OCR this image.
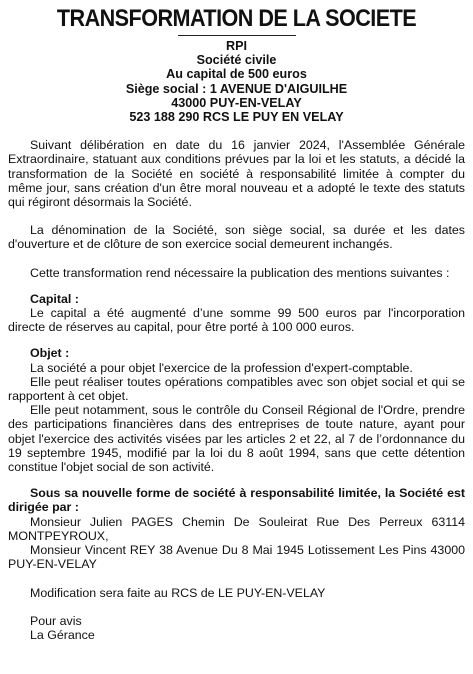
TRANSFORMATION DE LA SOCIETE
RPI
Société civile
Au capital de 500 euros
Siège social : 1 AVENUE D'AIGUILHE
43000 PUY-EN-VELAY
523 188 290 RCS LE PUY EN VELAY

Suivant délibération en date du 16 janvier 2024, l'Assemblée Générale Extraordinaire, statuant aux conditions prévues par la loi et les statuts, a décidé la transformation de la Société en société à responsabilité limitée à compter du même jour, sans création d'un être moral nouveau et a adopté le texte des statuts qui régiront désormais la Société.

La dénomination de la Société, son siège social, sa durée et les dates d'ouverture et de clôture de son exercice social demeurent inchangés.

Cette transformation rend nécessaire la publication des mentions suivantes :

Capital :

Le capital a été augmenté d’une somme 99 500 euros par l'incorporation directe de réserves au capital, pour être porté à 100 000 euros.

Objet :

La société a pour objet l'exercice de la profession d'expert-comptable.

Elle peut réaliser toutes opérations compatibles avec son objet social et qui se rapportent à cet objet.

Elle peut notamment, sous le contrôle du Conseil Régional de l'Ordre, prendre des participations financières dans des entreprises de toute nature, ayant pour objet l'exercice des activités visées par les articles 2 et 22, al 7 de l’ordonnance du 19 septembre 1945, modifié par la loi du 8 août 1994, sans que cette détention constitue l'objet social de son activité.

Sous sa nouvelle forme de société à responsabilité limitée, la Société est dirigée par :

Monsieur Julien PAGES Chemin De Souleirat Rue Des Perreux 63114 MONTPEYROUX,

Monsieur Vincent REY 38 Avenue Du 8 Mai 1945 Lotissement Les Pins 43000 PUY-EN-VELAY

Modification sera faite au RCS de LE PUY-EN-VELAY

Pour avis

La Gérance
